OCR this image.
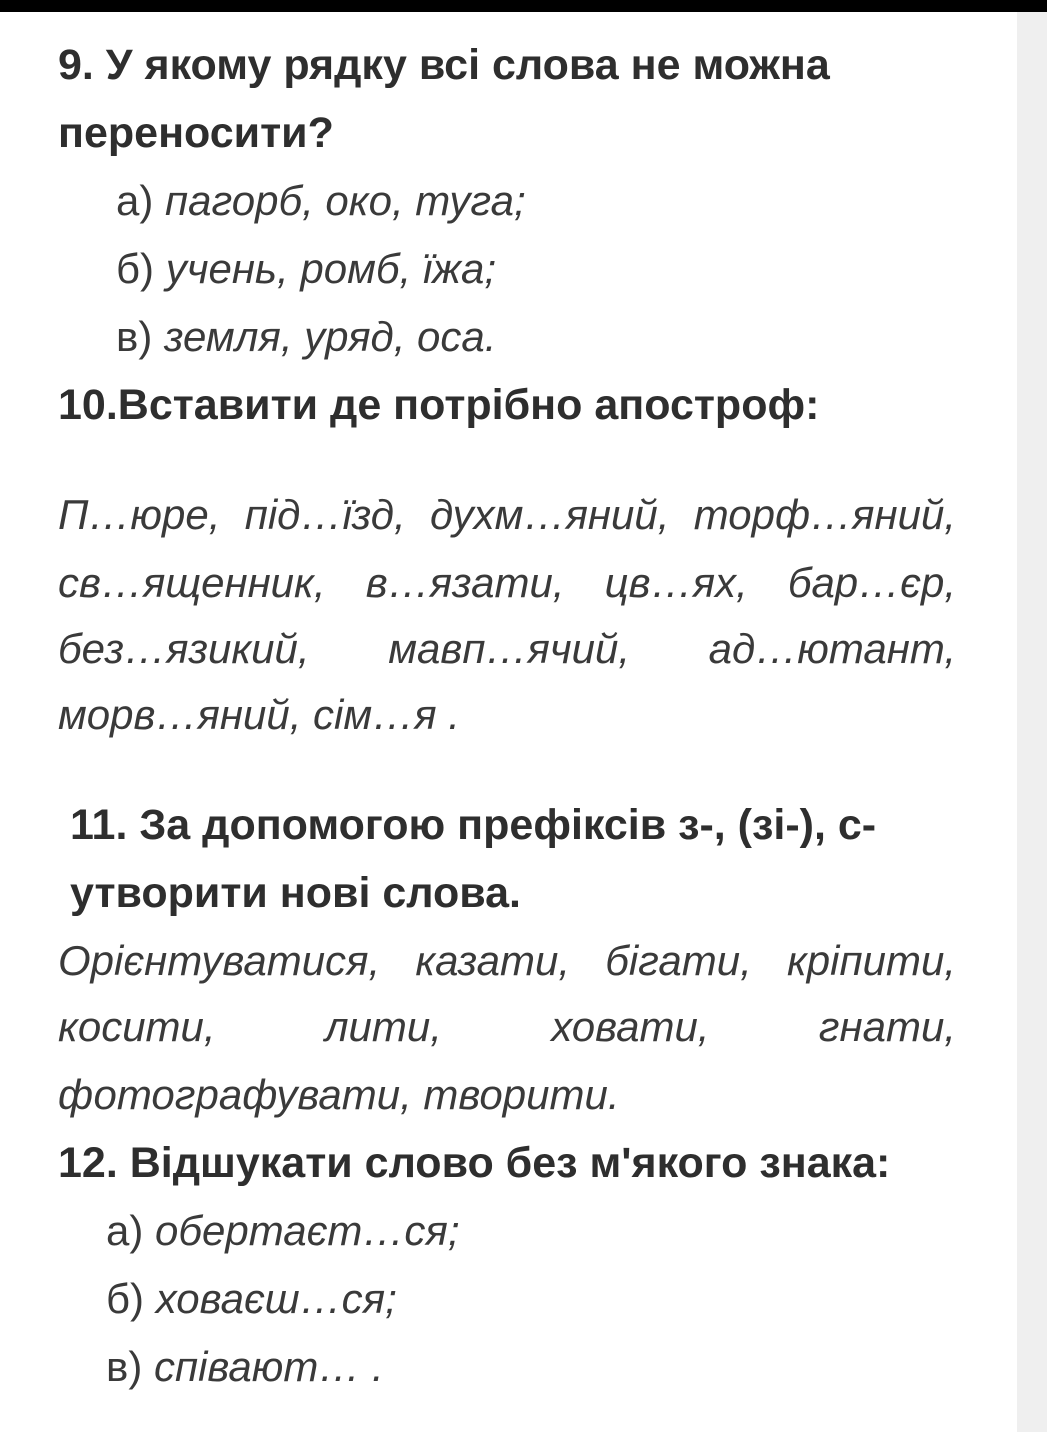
9. У якому рядку всі слова не можна
переносити?
а) пагорб, око, туга;
б) учень, ромб, їжа;
в) земля, уряд, оса.
10.Вставити де потрібно апостроф:
П…юре, під…їзд, духм…яний, торф…яний,
св…ященник, в…язати, цв…ях, бар…єр,
без…язикий, мавп…ячий, ад…ютант,
морв…яний, сім…я .
11. За допомогою префіксів з-, (зі-), с-
утворити нові слова.
Орієнтуватися, казати, бігати, кріпити,
косити,	лити,	ховати,	гнати,
фотографувати, творити.
12. Відшукати слово без м'якого знака:
а) обертаєт…ся;
б) ховаєш…ся;
в) співают… .
